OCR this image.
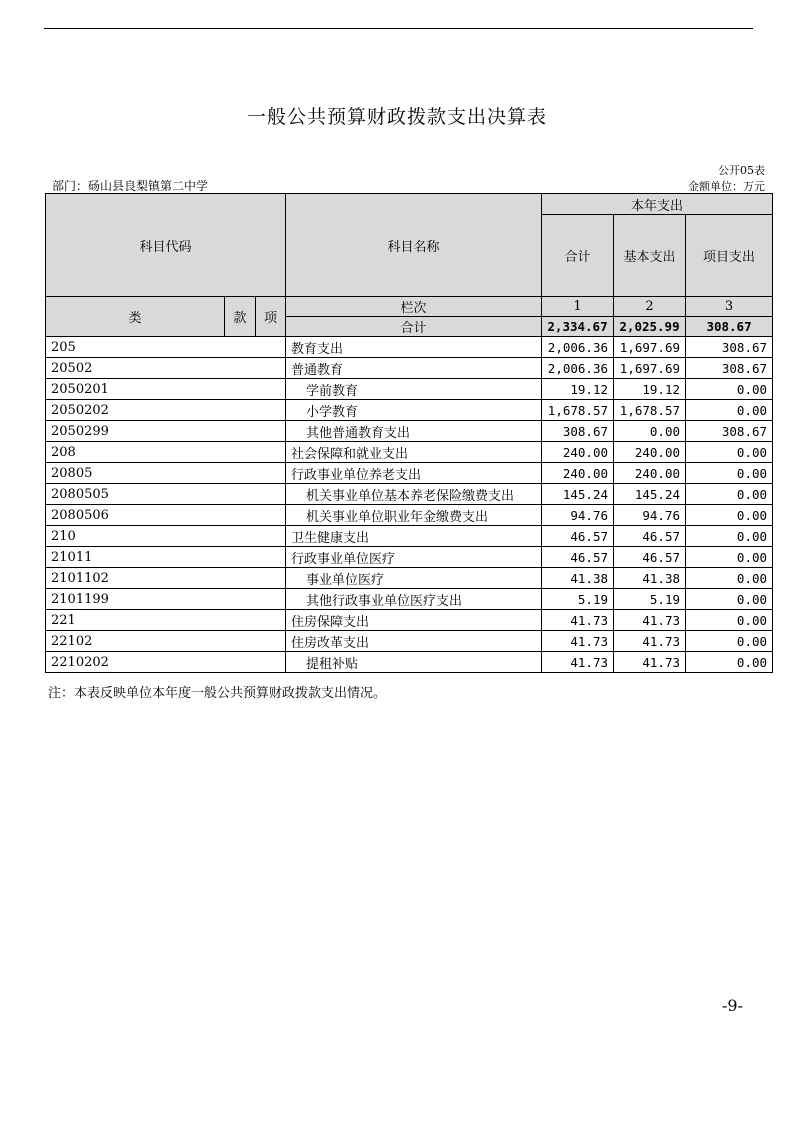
一般公共预算财政拨款支出决算表
公开05表
部门：砀山县良梨镇第二中学	金额单位：万元
科目代码			科目名称	本年支出		
				合计	基本支出	项目支出

类	款	项	栏次	1	2	3
			合计	2,334.67	2,025.99	308.67
205			教育支出	2,006.36	1,697.69	308.67
20502			普通教育	2,006.36	1,697.69	308.67
2050201			学前教育	19.12	19.12	0.00
2050202			小学教育	1,678.57	1,678.57	0.00
2050299			其他普通教育支出	308.67	0.00	308.67
208			社会保障和就业支出	240.00	240.00	0.00
20805			行政事业单位养老支出	240.00	240.00	0.00
2080505			机关事业单位基本养老保险缴费支出	145.24	145.24	0.00
2080506			机关事业单位职业年金缴费支出	94.76	94.76	0.00
210			卫生健康支出	46.57	46.57	0.00
21011			行政事业单位医疗	46.57	46.57	0.00
2101102			事业单位医疗	41.38	41.38	0.00
2101199			其他行政事业单位医疗支出	5.19	5.19	0.00
221			住房保障支出	41.73	41.73	0.00
22102			住房改革支出	41.73	41.73	0.00
2210202			提租补贴	41.73	41.73	0.00
注：本表反映单位本年度一般公共预算财政拨款支出情况。
-9-
